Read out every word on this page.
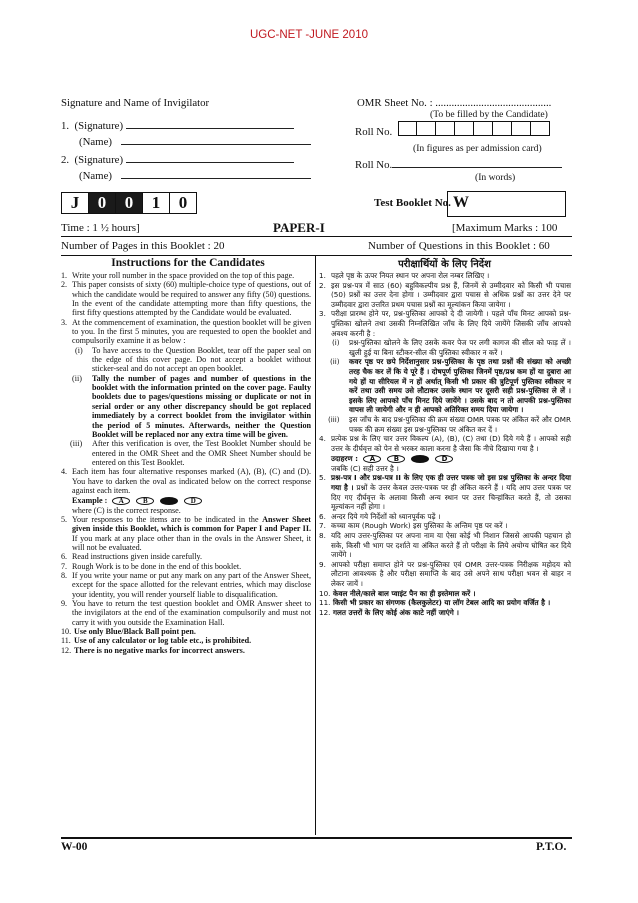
UGC-NET -JUNE 2010
Signature and Name of Invigilator
1.  (Signature)
(Name)
2.  (Signature)
(Name)
OMR Sheet No. : ...........................................
(To be filled by the Candidate)
Roll No.
(In figures as per admission card)
Roll No.
(In words)
J	0	0	1	0	Test Booklet No. W
Time : 1 ½ hours]	PAPER-I	[Maximum Marks : 100
Number of Pages in this Booklet : 20	Number of Questions in this Booklet : 60
Instructions for the Candidates
1. Write your roll number in the space provided on the top of this page.
2. This paper consists of sixty (60) multiple-choice type of questions, out of which the candidate would be required to answer any fifty (50) questions. In the event of the candidate attempting more than fifty questions, the first fifty questions attempted by the Candidate would be evaluated.
3. At the commencement of examination, the question booklet will be given to you. In the first 5 minutes, you are requested to open the booklet and compulsorily examine it as below :
(i) To have access to the Question Booklet, tear off the paper seal on the edge of this cover page. Do not accept a booklet without sticker-seal and do not accept an open booklet.
(ii) Tally the number of pages and number of questions in the booklet with the information printed on the cover page. Faulty booklets due to pages/questions missing or duplicate or not in serial order or any other discrepancy should be got replaced immediately by a correct booklet from the invigilator within the period of 5 minutes. Afterwards, neither the Question Booklet will be replaced nor any extra time will be given.
(iii) After this verification is over, the Test Booklet Number should be entered in the OMR Sheet and the OMR Sheet Number should be entered on this Test Booklet.
4. Each item has four alternative responses marked (A), (B), (C) and (D). You have to darken the oval as indicated below on the correct response against each item.
Example : A	B	D
where (C) is the correct response.
5. Your responses to the items are to be indicated in the Answer Sheet given inside this Booklet, which is common for Paper I and Paper II. If you mark at any place other than in the ovals in the Answer Sheet, it will not be evaluated.
6. Read instructions given inside carefully.
7. Rough Work is to be done in the end of this booklet.
8. If you write your name or put any mark on any part of the Answer Sheet, except for the space allotted for the relevant entries, which may disclose your identity, you will render yourself liable to disqualification.
9. You have to return the test question booklet and OMR Answer sheet to the invigilators at the end of the examination compulsorily and must not carry it with you outside the Examination Hall.
10. Use only Blue/Black Ball point pen.
11. Use of any calculator or log table etc., is prohibited.
12. There is no negative marks for incorrect answers.
परीक्षार्थियों के लिए निर्देश
1. पहले पृष्ठ के ऊपर नियत स्थान पर अपना रोल नम्बर लिखिए ।
2. इस प्रश्न-पत्र में साठ (60) बहुविकल्पीय प्रश्न हैं, जिनमें से उम्मीदवार को किसी भी पचास (50) प्रश्नों का उत्तर देना होगा । उम्मीदवार द्वारा पचास से अधिक प्रश्नों का उत्तर देने पर उम्मीदवार द्वारा उत्तरित प्रथम पचास प्रश्नों का मूल्यांकन किया जायेगा ।
3. परीक्षा प्रारम्भ होने पर, प्रश्न-पुस्तिका आपको दे दी जायेगी । पहले पाँच मिनट आपको प्रश्न-पुस्तिका खोलने तथा उसकी निम्नलिखित जाँच के लिए दिये जायेंगे जिसकी जाँच आपको अवश्य करनी है :
(i) प्रश्न-पुस्तिका खोलने के लिए उसके कवर पेज पर लगी कागज की सील को फाड़ लें । खुली हुई या बिना स्टीकर-सील की पुस्तिका स्वीकार न करें ।
(ii) कवर पृष्ठ पर छपे निर्देशानुसार प्रश्न-पुस्तिका के पृष्ठ तथा प्रश्नों की संख्या को अच्छी तरह चैक कर लें कि ये पूरे हैं । दोषपूर्ण पुस्तिका जिनमें पृष्ठ/प्रश्न कम हों या दुबारा आ गये हों या सीरियल में न हों अर्थात् किसी भी प्रकार की त्रुटिपूर्ण पुस्तिका स्वीकार न करें तथा उसी समय उसे लौटाकर उसके स्थान पर दूसरी सही प्रश्न-पुस्तिका ले लें । इसके लिए आपको पाँच मिनट दिये जायेंगे । उसके बाद न तो आपकी प्रश्न-पुस्तिका वापस ली जायेगी और न ही आपको अतिरिक्त समय दिया जायेगा ।
(iii) इस जाँच के बाद प्रश्न-पुस्तिका की क्रम संख्या OMR पत्रक पर अंकित करें और OMR पत्रक की क्रम संख्या इस प्रश्न-पुस्तिका पर अंकित कर दें ।
4. प्रत्येक प्रश्न के लिए चार उत्तर विकल्प (A), (B), (C) तथा (D) दिये गये हैं । आपको सही उत्तर के दीर्घवृत्त को पेन से भरकर काला करना है जैसा कि नीचे दिखाया गया है ।
उदाहरण : A	B	D
जबकि (C) सही उत्तर है ।
5. प्रश्न-पत्र I और प्रश्न-पत्र II के लिए एक ही उत्तर पत्रक जो इस प्रश्न पुस्तिका के अन्दर दिया गया है । प्रश्नों के उत्तर केवल उत्तर-पत्रक पर ही अंकित करने हैं । यदि आप उत्तर पत्रक पर दिए गए दीर्घवृत्त के अलावा किसी अन्य स्थान पर उत्तर चिन्हांकित करते हैं, तो उसका मूल्यांकन नहीं होगा ।
6. अन्दर दिये गये निर्देशों को ध्यानपूर्वक पढ़ें ।
7. कच्चा काम (Rough Work) इस पुस्तिका के अन्तिम पृष्ठ पर करें ।
8. यदि आप उत्तर-पुस्तिका पर अपना नाम या ऐसा कोई भी निशान जिससे आपकी पहचान हो सके, किसी भी भाग पर दर्शाते या अंकित करते हैं तो परीक्षा के लिये अयोग्य घोषित कर दिये जायेंगे ।
9. आपको परीक्षा समाप्त होने पर प्रश्न-पुस्तिका एवं OMR उत्तर-पत्रक निरीक्षक महोदय को लौटाना आवश्यक है और परीक्षा समाप्ति के बाद उसे अपने साथ परीक्षा भवन से बाहर न लेकर जायें ।
10. केवल नीले/काले बाल प्वाइंट पैन का ही इस्तेमाल करें ।
11. किसी भी प्रकार का संगणक (कैलकुलेटर) या लॉग टेबल आदि का प्रयोग वर्जित है ।
12. गलत उत्तरों के लिए कोई अंक काटे नहीं जाएंगे ।
W-00	P.T.O.
